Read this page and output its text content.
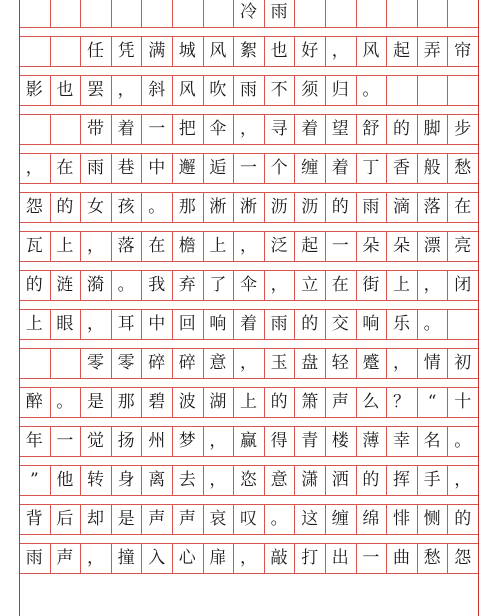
冷 雨
任 凭 满 城 风 絮 也 好 ， 风 起 弄 帘
影 也 罢 ， 斜 风 吹 雨 不 须 归 。
带 着 一 把 伞 ， 寻 着 望 舒 的 脚 步
， 在 雨 巷 中 邂 逅 一 个 缠 着 丁 香 般 愁
怨 的 女 孩 。 那 淅 淅 沥 沥 的 雨 滴 落 在
瓦 上 ， 落 在 檐 上 ， 泛 起 一 朵 朵 漂 亮
的 涟 漪 。 我 弃 了 伞 ， 立 在 街 上 ， 闭
上 眼 ， 耳 中 回 响 着 雨 的 交 响 乐 。
零 零 碎 碎 意 ， 玉 盘 轻 蹙 ， 情 初
醉 。 是 那 碧 波 湖 上 的 箫 声 么 ？	“	十
年 一 觉 扬 州 梦 ， 赢 得 青 楼 薄 幸 名 。
”	他 转 身 离 去 ， 恣 意 潇 洒 的 挥 手 ，
背 后 却 是 声 声 哀 叹 。 这 缠 绵 悱 恻 的
雨 声 ， 撞 入 心 扉 ， 敲 打 出 一 曲 愁 怨
